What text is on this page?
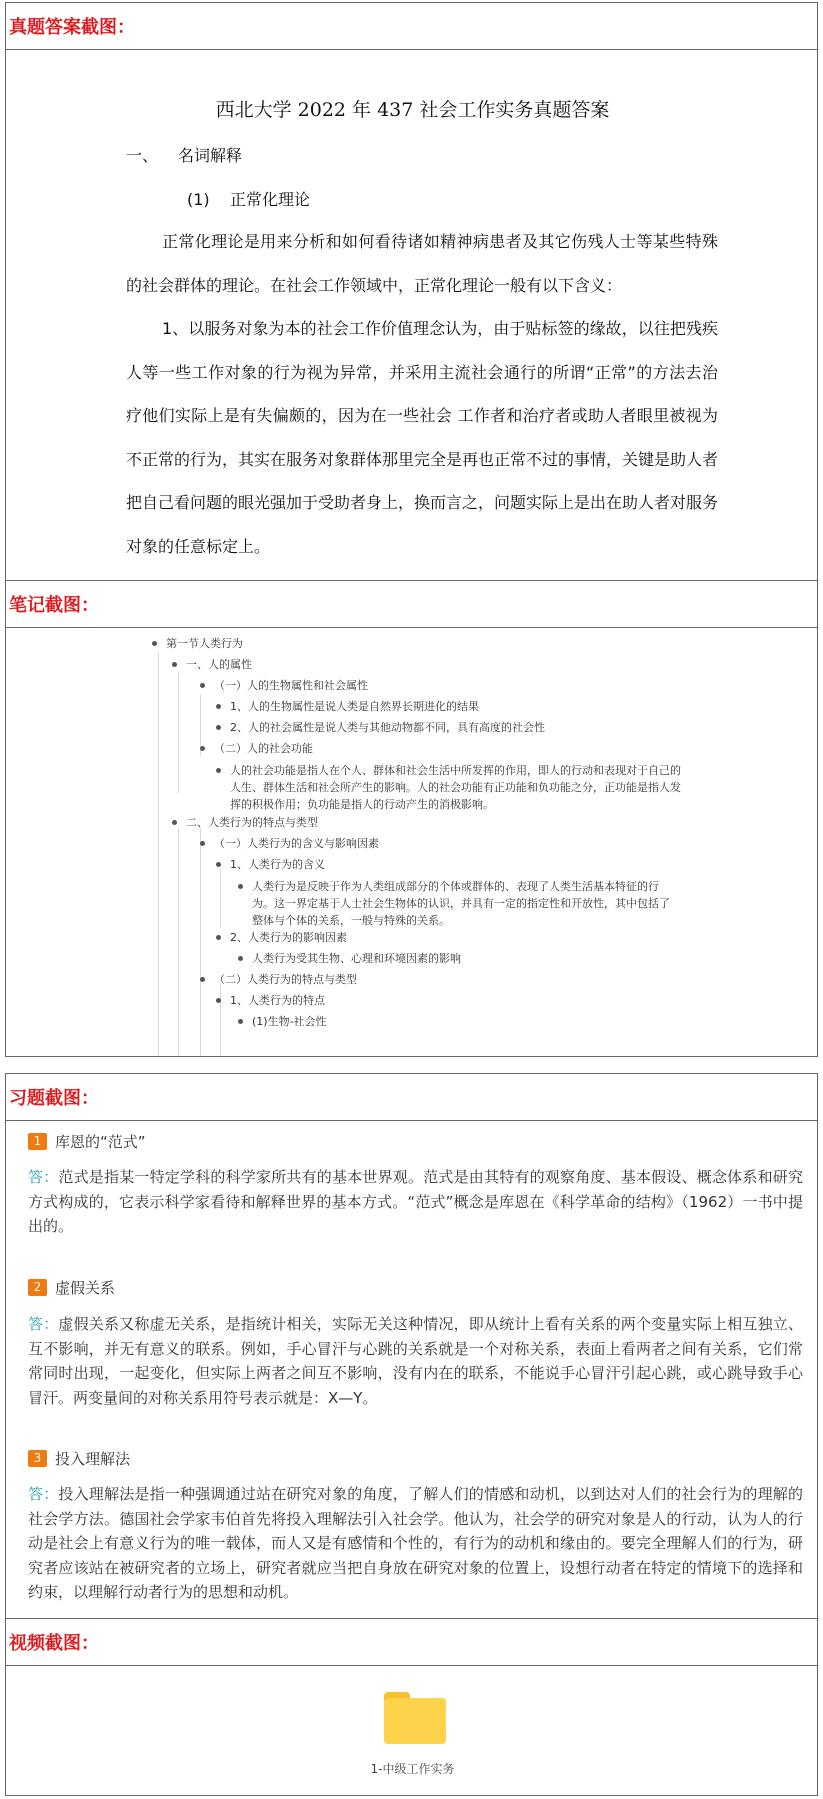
真题答案截图：
西北大学 2022 年 437 社会工作实务真题答案
一、 名词解释
(1) 正常化理论

正常化理论是用来分析和如何看待诸如精神病患者及其它伤残人士等某些特殊的社会群体的理论。在社会工作领域中，正常化理论一般有以下含义：

1、以服务对象为本的社会工作价值理念认为，由于贴标签的缘故，以往把残疾人等一些工作对象的行为视为异常，并采用主流社会通行的所谓“正常”的方法去治疗他们实际上是有失偏颇的，因为在一些社会 工作者和治疗者或助人者眼里被视为不正常的行为，其实在服务对象群体那里完全是再也正常不过的事情，关键是助人者把自己看问题的眼光强加于受助者身上，换而言之，问题实际上是出在助人者对服务对象的任意标定上。

笔记截图：
第一节人类行为
一、人的属性
（一）人的生物属性和社会属性
1、人的生物属性是说人类是自然界长期进化的结果
2、人的社会属性是说人类与其他动物都不同，具有高度的社会性
（二）人的社会功能
人的社会功能是指人在个人、群体和社会生活中所发挥的作用，即人的行动和表现对于自己的人生、群体生活和社会所产生的影响。人的社会功能有正功能和负功能之分，正功能是指人发挥的积极作用；负功能是指人的行动产生的消极影响。
二、人类行为的特点与类型
（一）人类行为的含义与影响因素
1、人类行为的含义
人类行为是反映于作为人类组成部分的个体或群体的、表现了人类生活基本特征的行为。这一界定基于人士社会生物体的认识，并具有一定的指定性和开放性，其中包括了整体与个体的关系，一般与特殊的关系。
2、人类行为的影响因素
人类行为受其生物、心理和环境因素的影响
（二）人类行为的特点与类型
1、人类行为的特点
(1)生物-社会性
习题截图：
1 库恩的“范式”
答：范式是指某一特定学科的科学家所共有的基本世界观。范式是由其特有的观察角度、基本假设、概念体系和研究方式构成的，它表示科学家看待和解释世界的基本方式。“范式”概念是库恩在《科学革命的结构》（1962）一书中提出的。
2 虚假关系
答：虚假关系又称虚无关系，是指统计相关，实际无关这种情况，即从统计上看有关系的两个变量实际上相互独立、互不影响，并无有意义的联系。例如，手心冒汗与心跳的关系就是一个对称关系，表面上看两者之间有关系，它们常常同时出现，一起变化，但实际上两者之间互不影响，没有内在的联系，不能说手心冒汗引起心跳，或心跳导致手心冒汗。两变量间的对称关系用符号表示就是：X—Y。
3 投入理解法
答：投入理解法是指一种强调通过站在研究对象的角度，了解人们的情感和动机，以到达对人们的社会行为的理解的社会学方法。德国社会学家韦伯首先将投入理解法引入社会学。他认为，社会学的研究对象是人的行动，认为人的行动是社会上有意义行为的唯一载体，而人又是有感情和个性的，有行为的动机和缘由的。要完全理解人们的行为，研究者应该站在被研究者的立场上，研究者就应当把自身放在研究对象的位置上，设想行动者在特定的情境下的选择和约束，以理解行动者行为的思想和动机。
视频截图：
1-中级工作实务
